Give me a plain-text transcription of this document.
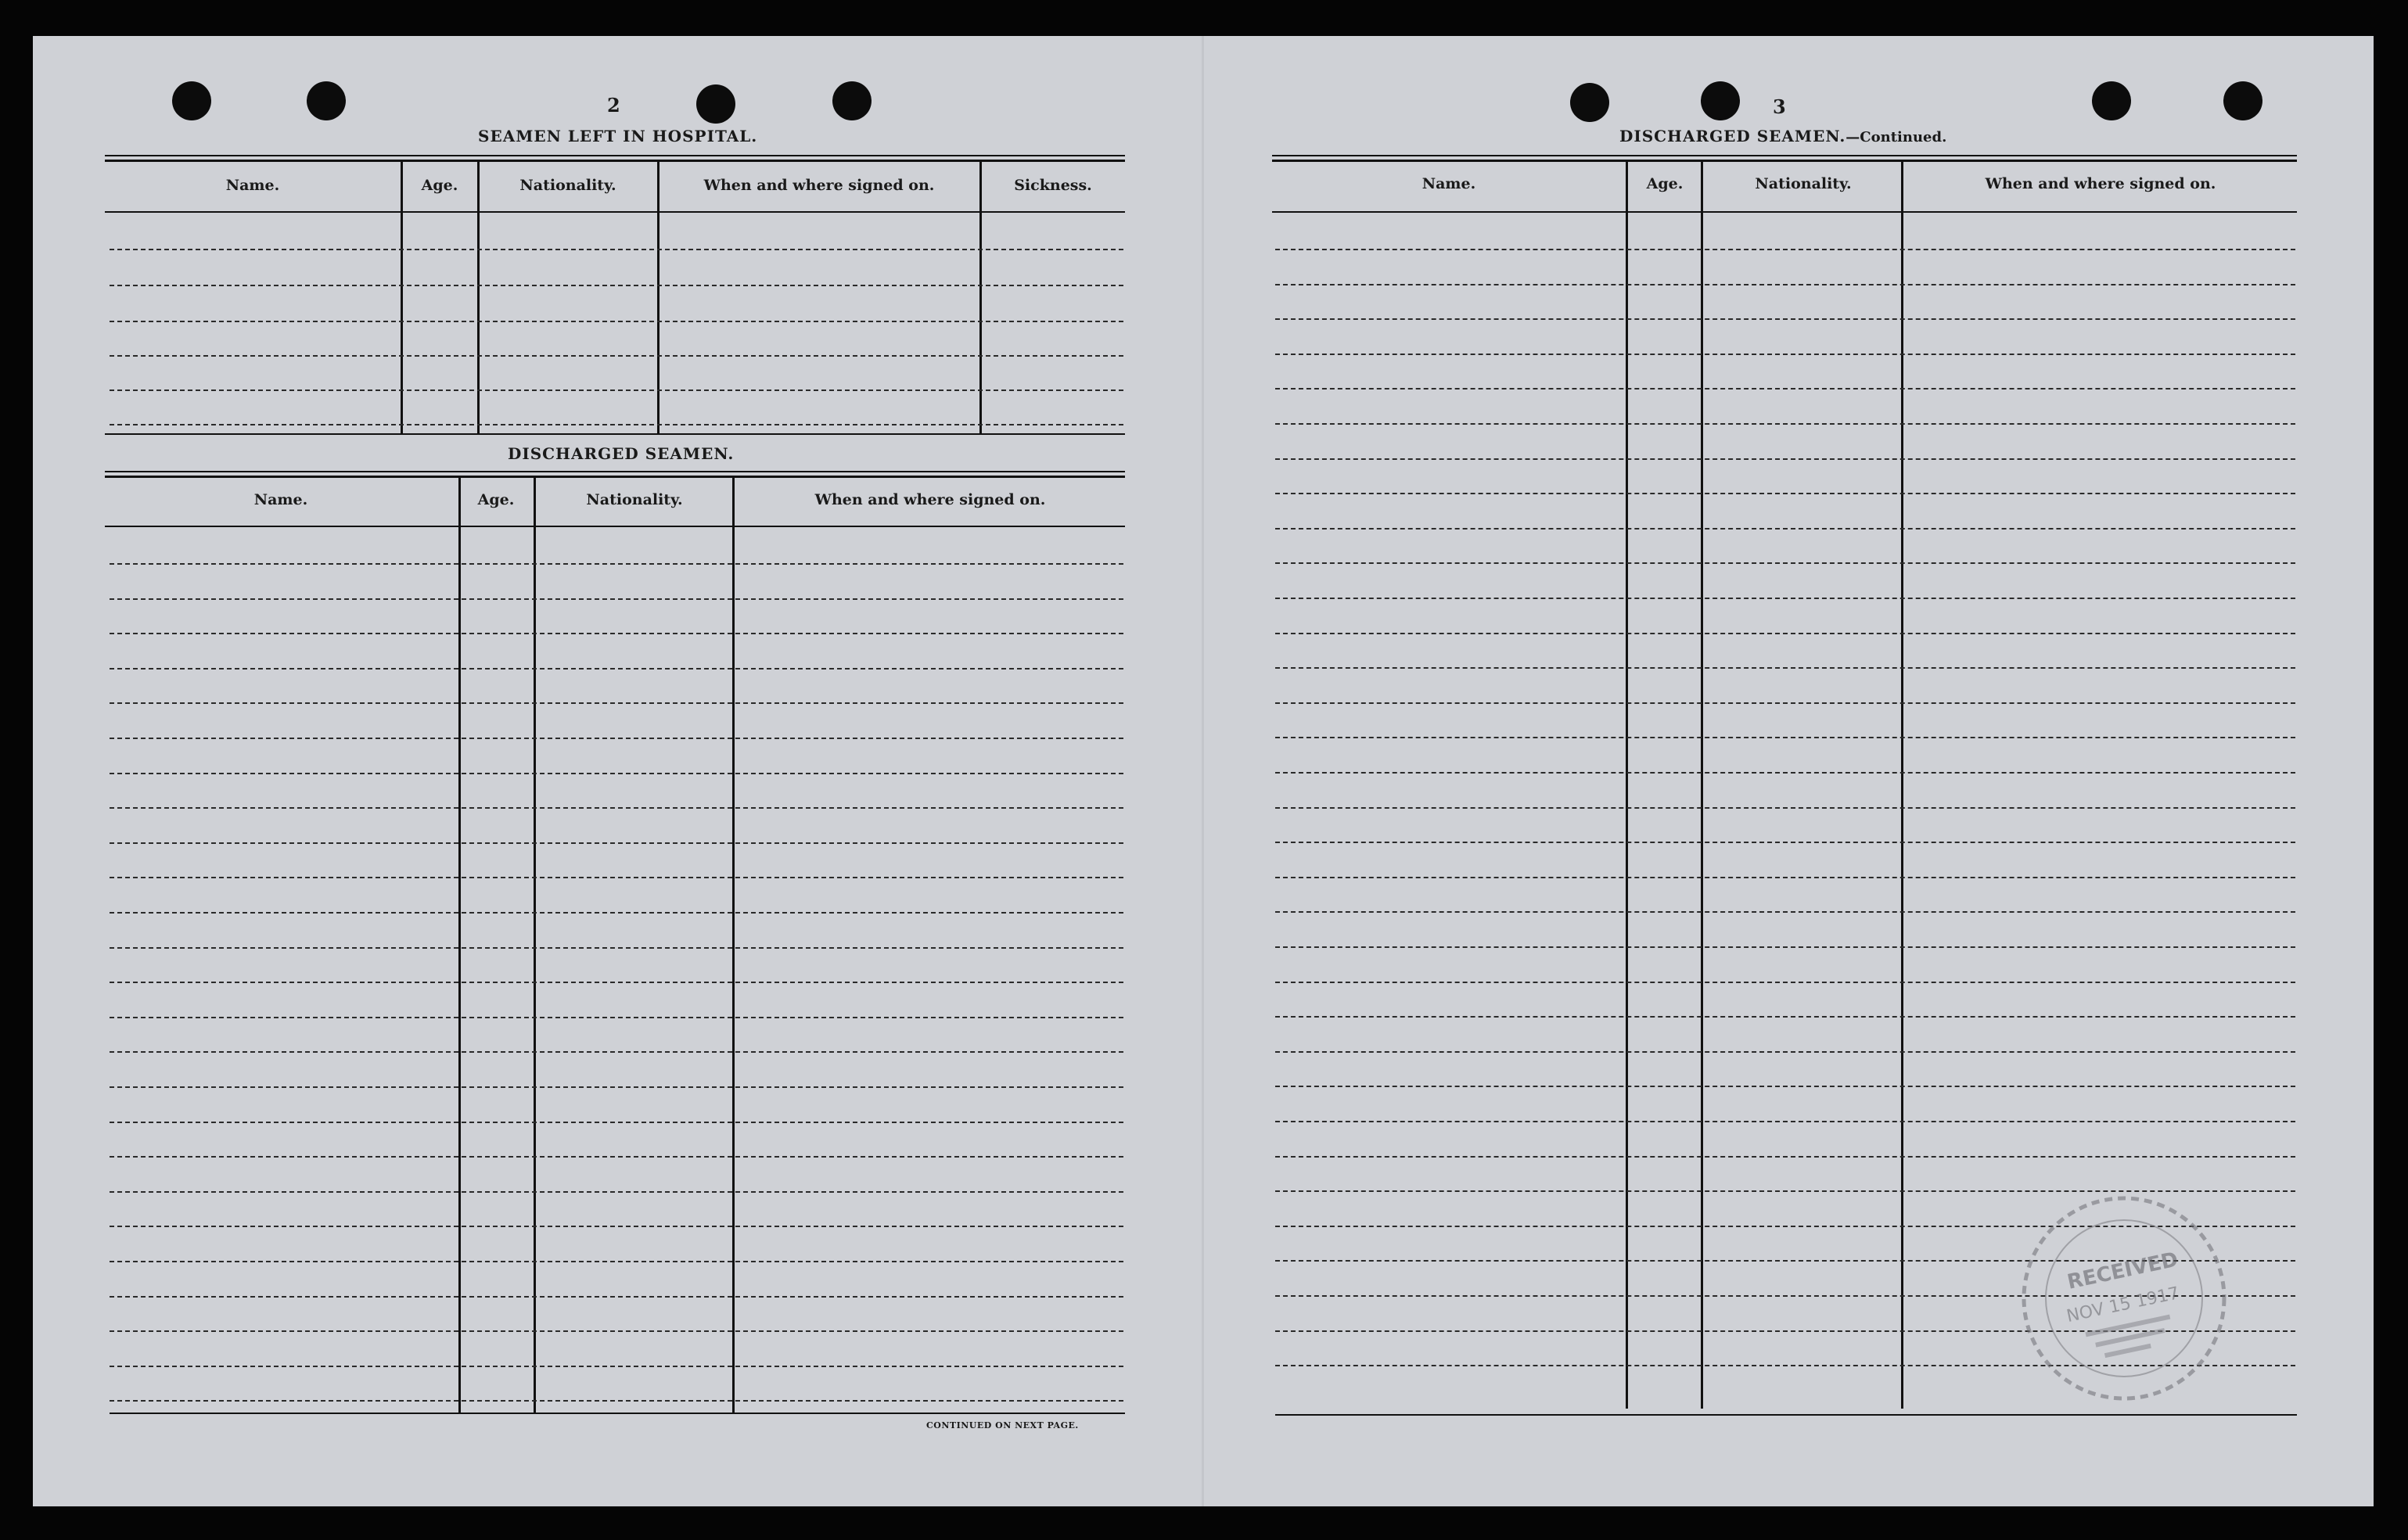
2
SEAMEN LEFT IN HOSPITAL.
Name.	Age.	Nationality.	When and where signed on.	Sickness.
DISCHARGED SEAMEN.
Name.	Age.	Nationality.	When and where signed on.
CONTINUED ON NEXT PAGE.
3
DISCHARGED SEAMEN.—Continued.
Name.	Age.	Nationality.	When and where signed on.
RECEIVED
NOV 15 1917
